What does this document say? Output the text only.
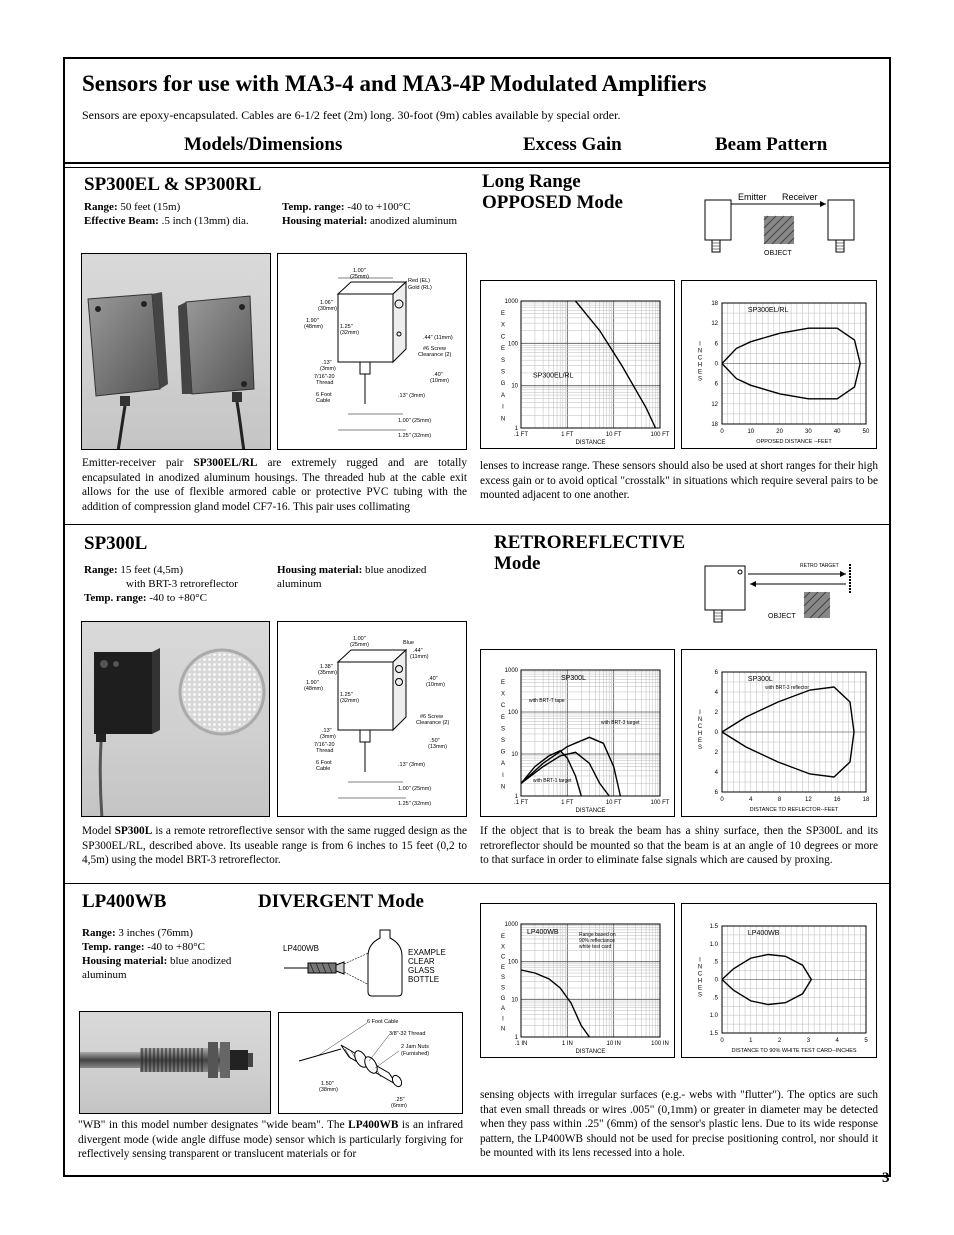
Sensors for use with MA3-4 and MA3-4P Modulated Amplifiers
Sensors are epoxy-encapsulated. Cables are 6-1/2 feet (2m) long. 30-foot (9m) cables available by special order.
Models/Dimensions	Excess Gain	Beam Pattern
SP300EL & SP300RL	Long Range
OPPOSED Mode
Range: 50 feet (15m)
Effective Beam: .5 inch (13mm) dia.
Temp. range: -40 to +100°C
Housing material: anodized aluminum
Emitter Receiver
OBJECT
1.00"
(25mm)
1.06"
(30mm)
1.90"
(48mm)	1.25"
(32mm)
.13"
(3mm)
7/16"-20
Thread
6 Foot
Cable
Red (EL)
Gold (RL)
.44" (11mm)
#6 Screw
Clearance (2)
.40"
(10mm)
.13" (3mm)
1.00" (25mm)
1.25" (32mm)
1000
100
10
1
E
X
C
E
S
S
G
A
I
N
.1 FT	1 FT	10 FT	100 FT
DISTANCE
SP300EL/RL
18
12
6
0
6
12
18
I
N
C
H
E
S
0	10	20	30	40	50
OPPOSED DISTANCE --FEET
SP300EL/RL
Emitter-receiver pair SP300EL/RL are extremely rugged and are totally encapsulated in anodized aluminum housings. The threaded hub at the cable exit allows for the use of flexible armored cable or protective PVC tubing with the addition of compression gland model CF7-16. This pair uses collimating
lenses to increase range. These sensors should also be used at short ranges for their high excess gain or to avoid optical "crosstalk" in situations which require several pairs to be mounted adjacent to one another.
SP300L	RETROREFLECTIVE
Mode
Range: 15 feet (4,5m)
with BRT-3 retroreflector
Temp. range: -40 to +80°C
Housing material: blue anodized aluminum
RETRO TARGET
OBJECT
1.00"
(25mm)
1.38"
(35mm)
1.90"
(48mm)
1.25"
(32mm)
.13"
(3mm)
7/16"-20
Thread
6 Foot
Cable
Blue
.44"
(11mm)
.40"
(10mm)
#6 Screw
Clearance (2)
.50"
(13mm)
.13" (3mm)
1.00" (25mm)
1.25" (32mm)
1000
100
10
1
E
X
C
E
S
S
G
A
I
N
.1 FT	1 FT	10 FT	100 FT
DISTANCE
SP300L
with BRT-T tape
with BRT-3 target
with BRT-1 target
6
4
2
0
2
4
6
I
N
C
H
E
S
0	4	8	12	16	18
DISTANCE TO REFLECTOR--FEET
SP300L
with BRT-3 reflector
Model SP300L is a remote retroreflective sensor with the same rugged design as the SP300EL/RL, described above. Its useable range is from 6 inches to 15 feet (0,2 to 4,5m) using the model BRT-3 retroreflector.
If the object that is to break the beam has a shiny surface, then the SP300L and its retroreflector should be mounted so that the beam is at an angle of 10 degrees or more to that surface in order to eliminate false signals which are caused by proxing.
LP400WB	DIVERGENT Mode
Range: 3 inches (76mm)
Temp. range: -40 to +80°C
Housing material: blue anodized aluminum
LP400WB	EXAMPLE
CLEAR
GLASS
BOTTLE
6 Foot Cable
3/8"-32 Thread
2 Jam Nuts
(Furnished)
1.50"
(38mm)
.25"
(6mm)
1000
100
10
1
E
X
C
E
S
S
G
A
I
N
.1 IN	1 IN	10 IN	100 IN
DISTANCE
LP400WB	Range based on
90% reflectance
white test card
1.5
1.0
.5
0
.5
1.0
1.5
I
N
C
H
E
S
0	1	2	3	4	5
DISTANCE TO 90% WHITE TEST CARD--INCHES
LP400WB
"WB" in this model number designates "wide beam". The LP400WB is an infrared divergent mode (wide angle diffuse mode) sensor which is particularly forgiving for reflectively sensing transparent or translucent materials or for
sensing objects with irregular surfaces (e.g.- webs with "flutter"). The optics are such that even small threads or wires .005" (0,1mm) or greater in diameter may be detected when they pass within .25" (6mm) of the sensor's plastic lens. Due to its wide response pattern, the LP400WB should not be used for precise positioning control, nor should it be mounted with its lens recessed into a hole.
3
